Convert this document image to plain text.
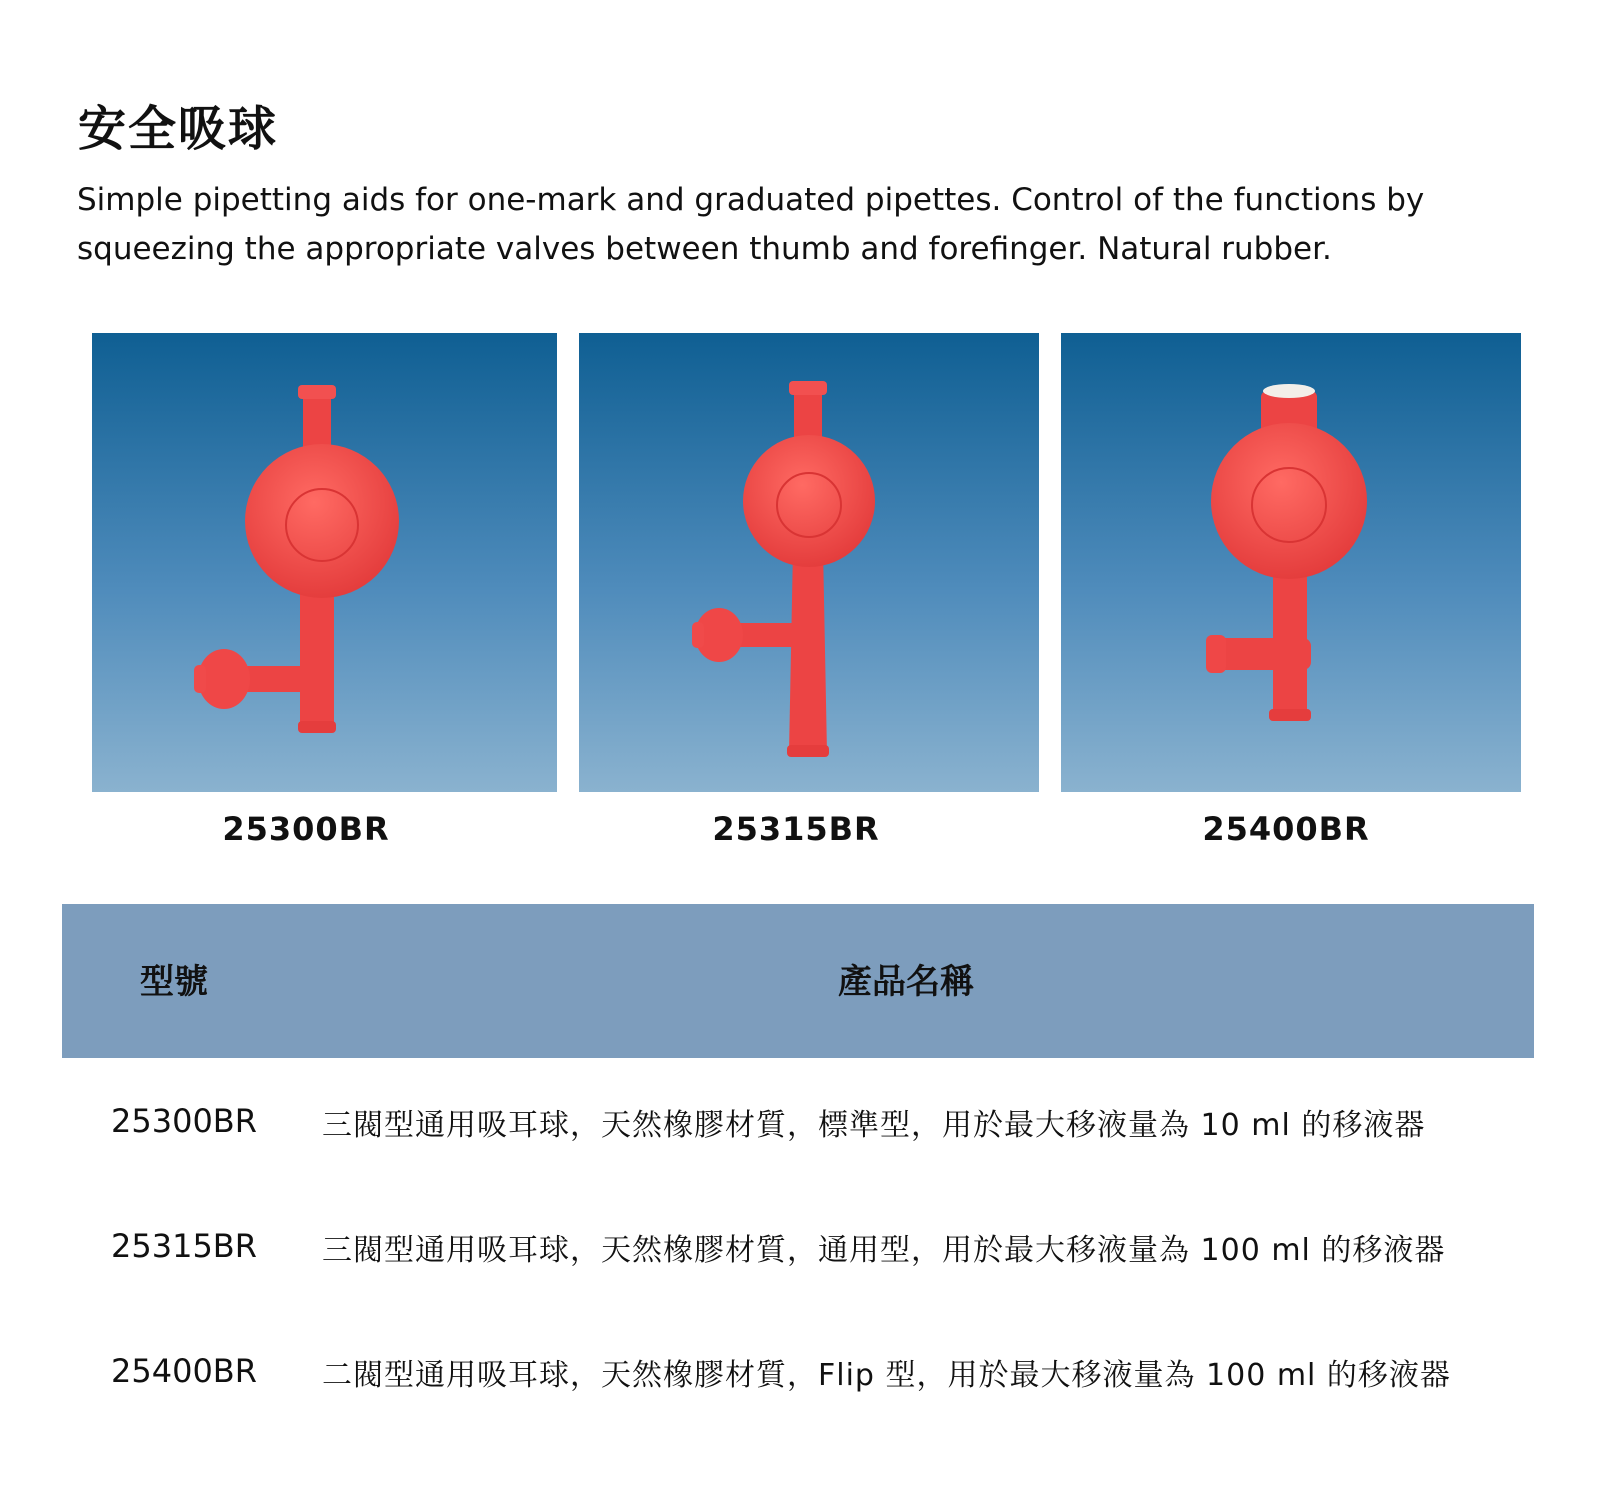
安全吸球

Simple pipetting aids for one-mark and graduated pipettes. Control of the functions by squeezing the appropriate valves between thumb and forefinger. Natural rubber.

25300BR	25315BR	25400BR
型號	產品名稱
25300BR 三閥型通用吸耳球，天然橡膠材質，標準型，用於最大移液量為 10 ml 的移液器
25315BR 三閥型通用吸耳球，天然橡膠材質，通用型，用於最大移液量為 100 ml 的移液器
25400BR 二閥型通用吸耳球，天然橡膠材質，Flip 型，用於最大移液量為 100 ml 的移液器
